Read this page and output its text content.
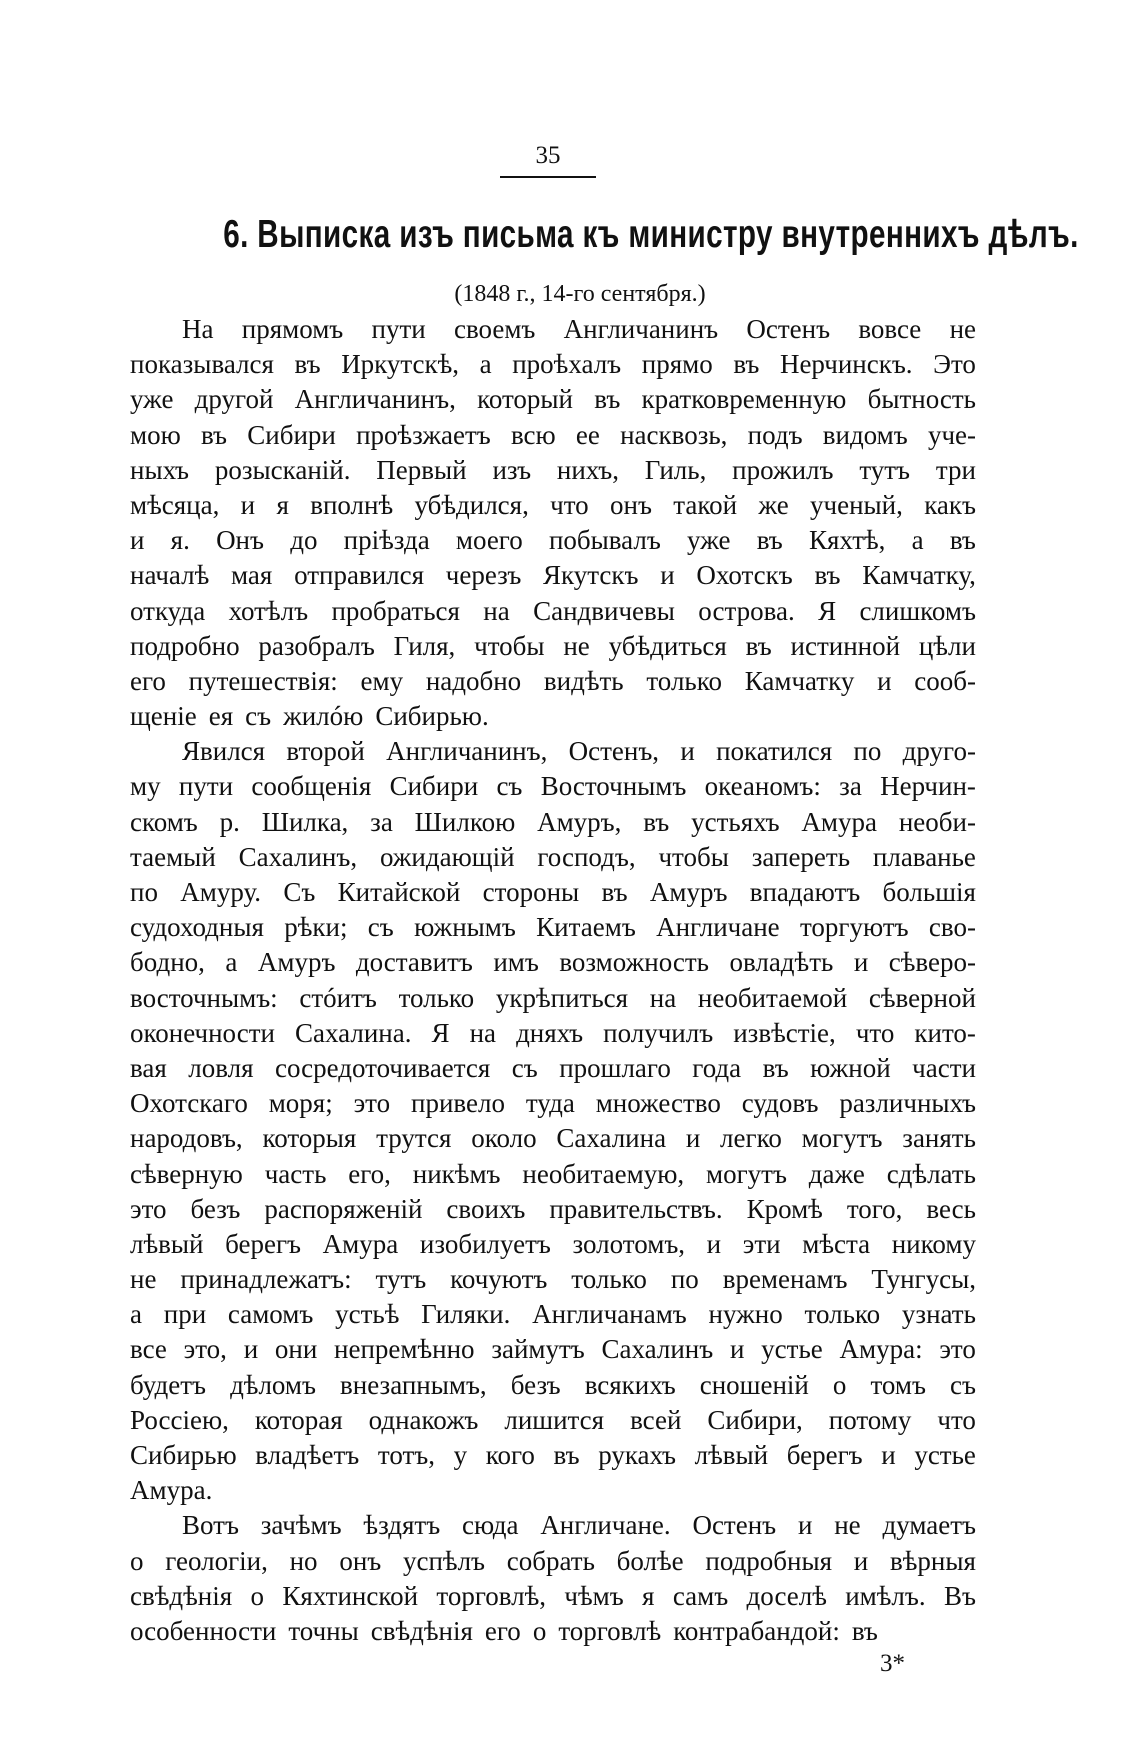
35
6. Выписка изъ письма къ министру внутреннихъ дѣлъ.
(1848 г., 14-го сентября.)
На прямомъ пути своемъ Англичанинъ Остенъ вовсе не
показывался въ Иркутскѣ, а проѣхалъ прямо въ Нерчинскъ. Это
уже другой Англичанинъ, который въ кратковременную бытность
мою въ Сибири проѣзжаетъ всю ее насквозь, подъ видомъ уче-
ныхъ розысканій. Первый изъ нихъ, Гиль, прожилъ тутъ три
мѣсяца, и я вполнѣ убѣдился, что онъ такой же ученый, какъ
и я. Онъ до пріѣзда моего побывалъ уже въ Кяхтѣ, а въ
началѣ мая отправился черезъ Якутскъ и Охотскъ въ Камчатку,
откуда хотѣлъ пробраться на Сандвичевы острова. Я слишкомъ
подробно разобралъ Гиля, чтобы не убѣдиться въ истинной цѣли
его путешествія: ему надобно видѣть только Камчатку и сооб-
щеніе ея съ жилóю Сибирью.
Явился второй Англичанинъ, Остенъ, и покатился по друго-
му пути сообщенія Сибири съ Восточнымъ океаномъ: за Нерчин-
скомъ р. Шилка, за Шилкою Амуръ, въ устьяхъ Амура необи-
таемый Сахалинъ, ожидающій господъ, чтобы запереть плаванье
по Амуру. Съ Китайской стороны въ Амуръ впадаютъ большія
судоходныя рѣки; съ южнымъ Китаемъ Англичане торгуютъ сво-
бодно, а Амуръ доставитъ имъ возможность овладѣть и сѣверо-
восточнымъ: стóитъ только укрѣпиться на необитаемой сѣверной
оконечности Сахалина. Я на дняхъ получилъ извѣстіе, что кито-
вая ловля сосредоточивается съ прошлаго года въ южной части
Охотскаго моря; это привело туда множество судовъ различныхъ
народовъ, которыя трутся около Сахалина и легко могутъ занять
сѣверную часть его, никѣмъ необитаемую, могутъ даже сдѣлать
это безъ распоряженій своихъ правительствъ. Кромѣ того, весь
лѣвый берегъ Амура изобилуетъ золотомъ, и эти мѣста никому
не принадлежатъ: тутъ кочуютъ только по временамъ Тунгусы,
а при самомъ устьѣ Гиляки. Англичанамъ нужно только узнать
все это, и они непремѣнно займутъ Сахалинъ и устье Амура: это
будетъ дѣломъ внезапнымъ, безъ всякихъ сношеній о томъ съ
Россіею, которая однакожъ лишится всей Сибири, потому что
Сибирью владѣетъ тотъ, у кого въ рукахъ лѣвый берегъ и устье
Амура.
Вотъ зачѣмъ ѣздятъ сюда Англичане. Остенъ и не думаетъ
о геологіи, но онъ успѣлъ собрать болѣе подробныя и вѣрныя
свѣдѣнія о Кяхтинской торговлѣ, чѣмъ я самъ доселѣ имѣлъ. Въ
особенности точны свѣдѣнія его о торговлѣ контрабандой: въ
3*
